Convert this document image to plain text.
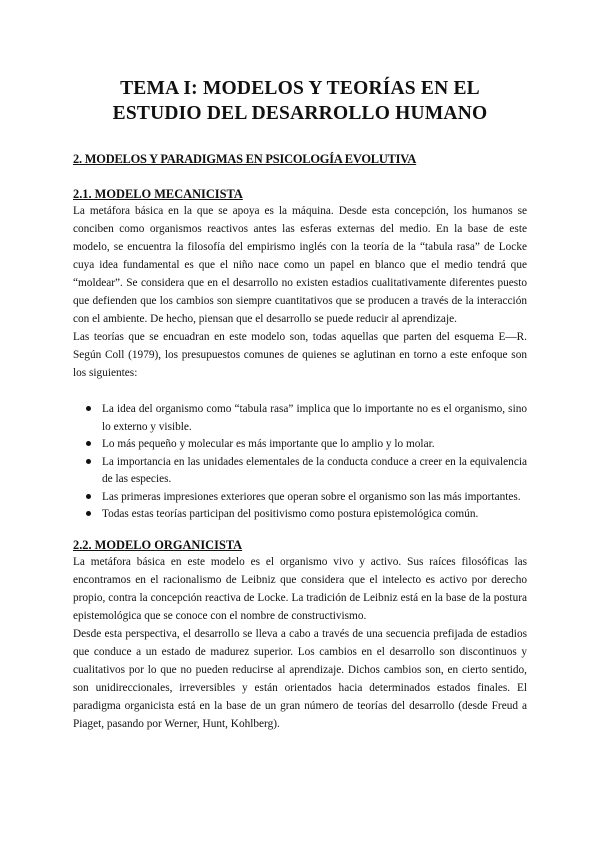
TEMA I: MODELOS Y TEORÍAS EN EL
ESTUDIO DEL DESARROLLO HUMANO
2. MODELOS Y PARADIGMAS EN PSICOLOGÍA EVOLUTIVA
2.1. MODELO MECANICISTA

La metáfora básica en la que se apoya es la máquina. Desde esta concepción, los humanos se conciben como organismos reactivos antes las esferas externas del medio. En la base de este modelo, se encuentra la filosofía del empirismo inglés con la teoría de la “tabula rasa” de Locke cuya idea fundamental es que el niño nace como un papel en blanco que el medio tendrá que “moldear”. Se considera que en el desarrollo no existen estadios cualitativamente diferentes puesto que defienden que los cambios son siempre cuantitativos que se producen a través de la interacción con el ambiente. De hecho, piensan que el desarrollo se puede reducir al aprendizaje.

Las teorías que se encuadran en este modelo son, todas aquellas que parten del esquema E—R. Según Coll (1979), los presupuestos comunes de quienes se aglutinan en torno a este enfoque son los siguientes:

La idea del organismo como “tabula rasa” implica que lo importante no es el organismo, sino lo externo y visible.
Lo más pequeño y molecular es más importante que lo amplio y lo molar.
La importancia en las unidades elementales de la conducta conduce a creer en la equivalencia de las especies.
Las primeras impresiones exteriores que operan sobre el organismo son las más importantes.
Todas estas teorías participan del positivismo como postura epistemológica común.
2.2. MODELO ORGANICISTA

La metáfora básica en este modelo es el organismo vivo y activo. Sus raíces filosóficas las encontramos en el racionalismo de Leibniz que considera que el intelecto es activo por derecho propio, contra la concepción reactiva de Locke. La tradición de Leibniz está en la base de la postura epistemológica que se conoce con el nombre de constructivismo.

Desde esta perspectiva, el desarrollo se lleva a cabo a través de una secuencia prefijada de estadios que conduce a un estado de madurez superior. Los cambios en el desarrollo son discontinuos y cualitativos por lo que no pueden reducirse al aprendizaje. Dichos cambios son, en cierto sentido, son unidireccionales, irreversibles y están orientados hacia determinados estados finales. El paradigma organicista está en la base de un gran número de teorías del desarrollo (desde Freud a Piaget, pasando por Werner, Hunt, Kohlberg).
